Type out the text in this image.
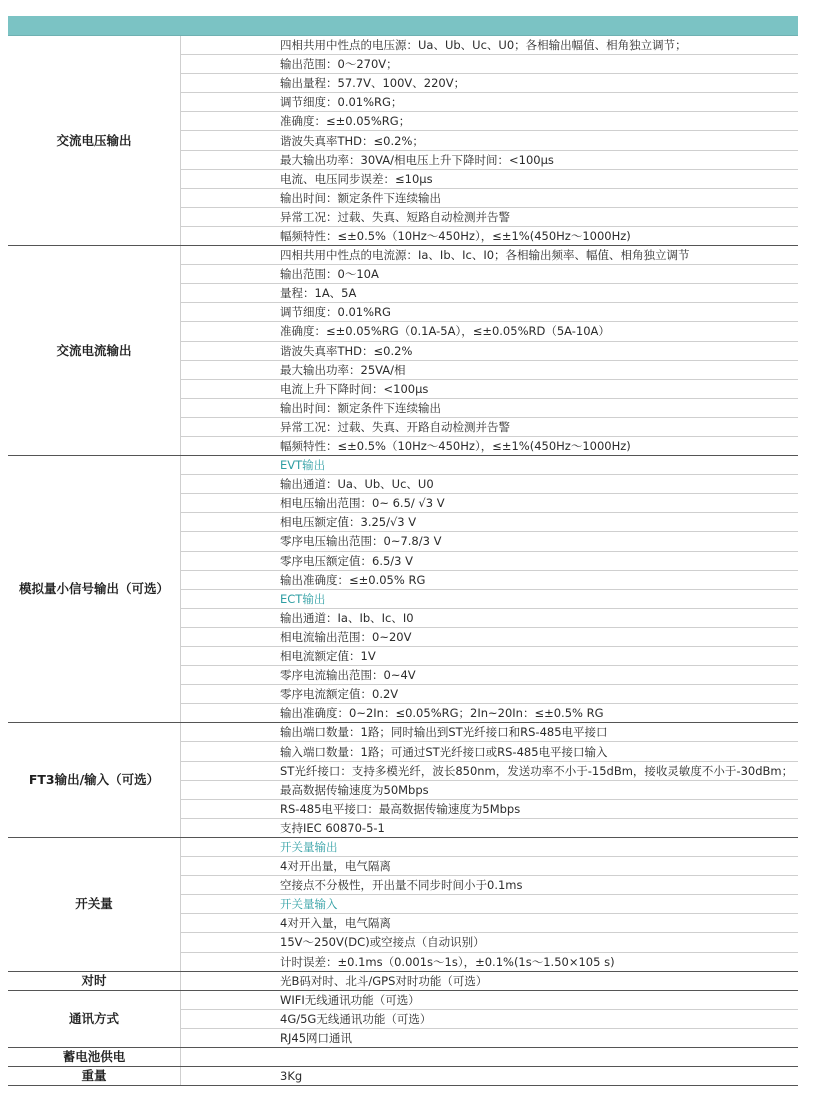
交流电压输出		四相共用中性点的电压源：Ua、Ub、Uc、U0；各相输出幅值、相角独立调节；
		输出范围：0～270V；
		输出量程：57.7V、100V、220V；
		调节细度：0.01%RG；
		准确度：≤±0.05%RG；
		谐波失真率THD：≤0.2%；
		最大输出功率：30VA/相电压上升下降时间：<100μs
		电流、电压同步误差：≤10μs
		输出时间：额定条件下连续输出
		异常工况：过载、失真、短路自动检测并告警
		幅频特性：≤±0.5%（10Hz～450Hz），≤±1%(450Hz～1000Hz)
交流电流输出		四相共用中性点的电流源：Ia、Ib、Ic、I0；各相输出频率、幅值、相角独立调节
		输出范围：0～10A
		量程：1A、5A
		调节细度：0.01%RG
		准确度：≤±0.05%RG（0.1A-5A），≤±0.05%RD（5A-10A）
		谐波失真率THD：≤0.2%
		最大输出功率：25VA/相
		电流上升下降时间：<100μs
		输出时间：额定条件下连续输出
		异常工况：过载、失真、开路自动检测并告警
		幅频特性：≤±0.5%（10Hz～450Hz），≤±1%(450Hz～1000Hz)
模拟量小信号输出（可选）		EVT输出
		输出通道：Ua、Ub、Uc、U0
		相电压输出范围：0~ 6.5/ √3 V
		相电压额定值：3.25/√3 V
		零序电压输出范围：0~7.8/3 V
		零序电压额定值：6.5/3 V
		输出准确度：≤±0.05% RG
		ECT输出
		输出通道：Ia、Ib、Ic、I0
		相电流输出范围：0~20V
		相电流额定值：1V
		零序电流输出范围：0~4V
		零序电流额定值：0.2V
		输出准确度：0~2In：≤0.05%RG；2In~20In：≤±0.5% RG
FT3输出/输入（可选）		输出端口数量：1路；同时输出到ST光纤接口和RS-485电平接口
		输入端口数量：1路；可通过ST光纤接口或RS-485电平接口输入
		ST光纤接口：支持多模光纤，波长850nm，发送功率不小于-15dBm，接收灵敏度不小于-30dBm；
		最高数据传输速度为50Mbps
		RS-485电平接口：最高数据传输速度为5Mbps
		支持IEC 60870-5-1
开关量		开关量输出
		4对开出量，电气隔离
		空接点不分极性，开出量不同步时间小于0.1ms
		开关量输入
		4对开入量，电气隔离
		15V～250V(DC)或空接点（自动识别）
		计时误差：±0.1ms（0.001s～1s），±0.1%(1s～1.50×105 s)
对时		光B码对时、北斗/GPS对时功能（可选）
通讯方式		WIFI无线通讯功能（可选）
		4G/5G无线通讯功能（可选）
		RJ45网口通讯
蓄电池供电		
重量		3Kg
